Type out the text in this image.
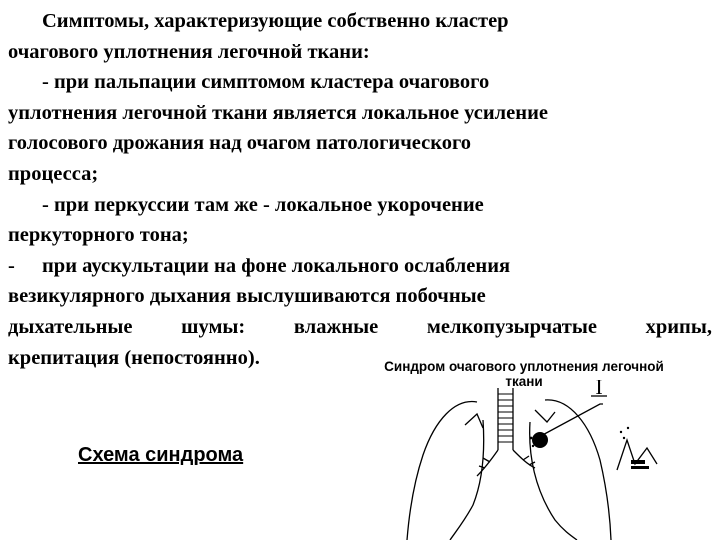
Симптомы, характеризующие собственно кластер

очагового уплотнения легочной ткани:

- при пальпации симптомом кластера очагового

уплотнения легочной ткани является локальное усиление

голосового дрожания над очагом патологического

процесса;

- при перкуссии там же - локальное укорочение

перкуторного тона;

-	при аускультации на фоне локального ослабления

везикулярного дыхания выслушиваются побочные

дыхательные шумы: влажные мелкопузырчатые хрипы,

крепитация (непостоянно).	Синдром очагового уплотнения легочной
ткани
Схема синдрома
I
